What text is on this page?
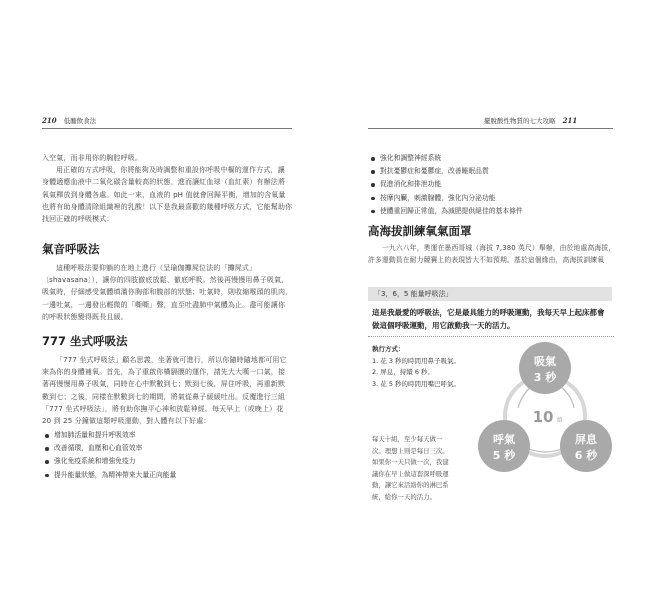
210 低醣飲食法

入空氣，而非用你的胸腔呼吸。

用正確的方式呼吸，你將能夠及時調整和重設你呼吸中樞的運作方式，讓

身體適應血液中二氧化碳含量較高的狀態，進而讓紅血球（血紅素）有辦法將

氧氣釋放到身體各處。如此一來，血液的 pH 值就會回歸平衡，增加的含氧量

也將有助身體清除組織裡的乳酸！以下是我最喜歡的幾種呼吸方式，它能幫助你

找回正確的呼吸模式：

氣音呼吸法

這種呼吸法要仰躺的在地上進行（呈瑜伽攤屍位法的「攤屍式」

〔shavasana〕），讓你的四肢徹底放鬆、徹底呼吸。然後再慢慢用鼻子吸氣，

吸氣時，仔細感受氣體填滿你胸部和腹部的狀態；吐氣時，則收縮喉頭的肌肉，

一邊吐氣，一邊發出輕微的「嘶嘶」聲，直至吐盡肺中氣體為止。盡可能讓你

的呼吸狀態變得既長且緩。

777 坐式呼吸法

「777 坐式呼吸法」顧名思義，坐著就可進行，所以你隨時隨地都可用它

來為你的身體補氧。首先，為了重啟你橫膈膜的運作，請先大大嘆一口氣，接

著再慢慢用鼻子吸氣，同時在心中默數到七；默到七後，屏住呼吸，再重新默

數到七；之後，同樣在默數到七的期間，將氣從鼻子緩緩吐出。反覆進行三組

「777 坐式呼吸法」，將有助你撫平心神和放鬆神經。每天早上（或晚上）花

20 到 25 分鐘做這類呼吸運動，對人體有以下好處：

增加肺活量和提升呼吸效率
改善循環，血壓和心血管效率
強化免疫系統和增強免疫力
提升能量狀態，為精神帶來大量正向能量
擺脫酸性物質的七大攻略 211
強化和調整神經系統
對抗憂鬱症和憂鬱症，改善睡眠品質
促進消化和排泄功能
按摩內臟，刺激腺體，強化內分泌功能
使體重回歸正常值，為減肥提供絕佳的基本條件
高海拔訓練氧氣面罩

一九六八年，奧運在墨西哥城（海拔 7,380 英尺）舉辦，由於地處高海拔，

許多運動員在耐力競賽上的表現皆大不如預期。基於這個緣由，高海拔訓練氧

「3，6，5 能量呼吸法」
這是我最愛的呼吸法，它是最具能力的呼吸運動，我每天早上起床都會
做這個呼吸運動，用它啟動我一天的活力。
執行方式：
1. 花 3 秒的時間用鼻子吸氣。
2. 屏息，持續 6 秒。
3. 花 5 秒的時間用嘴巴呼氣。
每天十組，至少每天做一
次。理想上則是每日三次。
如果你一天只做一次，我建
議你在早上做這套深呼吸運
動，讓它來活絡你的淋巴系
統，給你一天的活力。
吸氣
3 秒
呼氣
5 秒
屏息
6 秒
10 組
